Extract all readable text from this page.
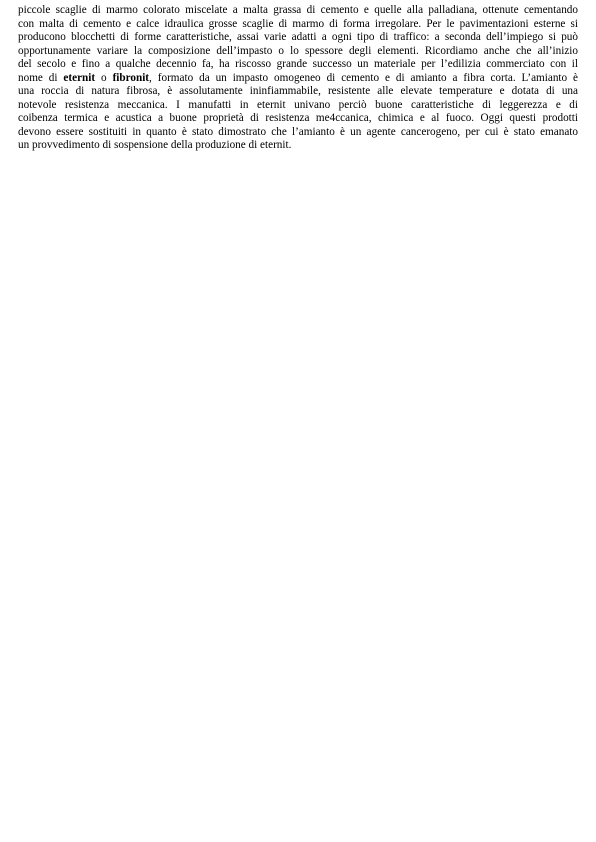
piccole scaglie di marmo colorato miscelate a malta grassa di cemento e quelle alla palladiana, ottenute cementando
con malta di cemento e calce idraulica grosse scaglie di marmo di forma irregolare. Per le pavimentazioni esterne si
producono blocchetti di forme caratteristiche, assai varie adatti a ogni tipo di traffico: a seconda dell’impiego si può
opportunamente variare la composizione dell’impasto o lo spessore degli elementi. Ricordiamo anche che all’inizio
del secolo e fino a qualche decennio fa, ha riscosso grande successo un materiale per l’edilizia commerciato con il
nome di eternit o fibronit, formato da un impasto omogeneo di cemento e di amianto a fibra corta. L’amianto è
una roccia di natura fibrosa, è assolutamente ininfiammabile, resistente alle elevate temperature e dotata di una
notevole resistenza meccanica. I manufatti in eternit univano perciò buone caratteristiche di leggerezza e di
coibenza termica e acustica a buone proprietà di resistenza me4ccanica, chimica e al fuoco. Oggi questi prodotti
devono essere sostituiti in quanto è stato dimostrato che l’amianto è un agente cancerogeno, per cui è stato emanato
un provvedimento di sospensione della produzione di eternit.
